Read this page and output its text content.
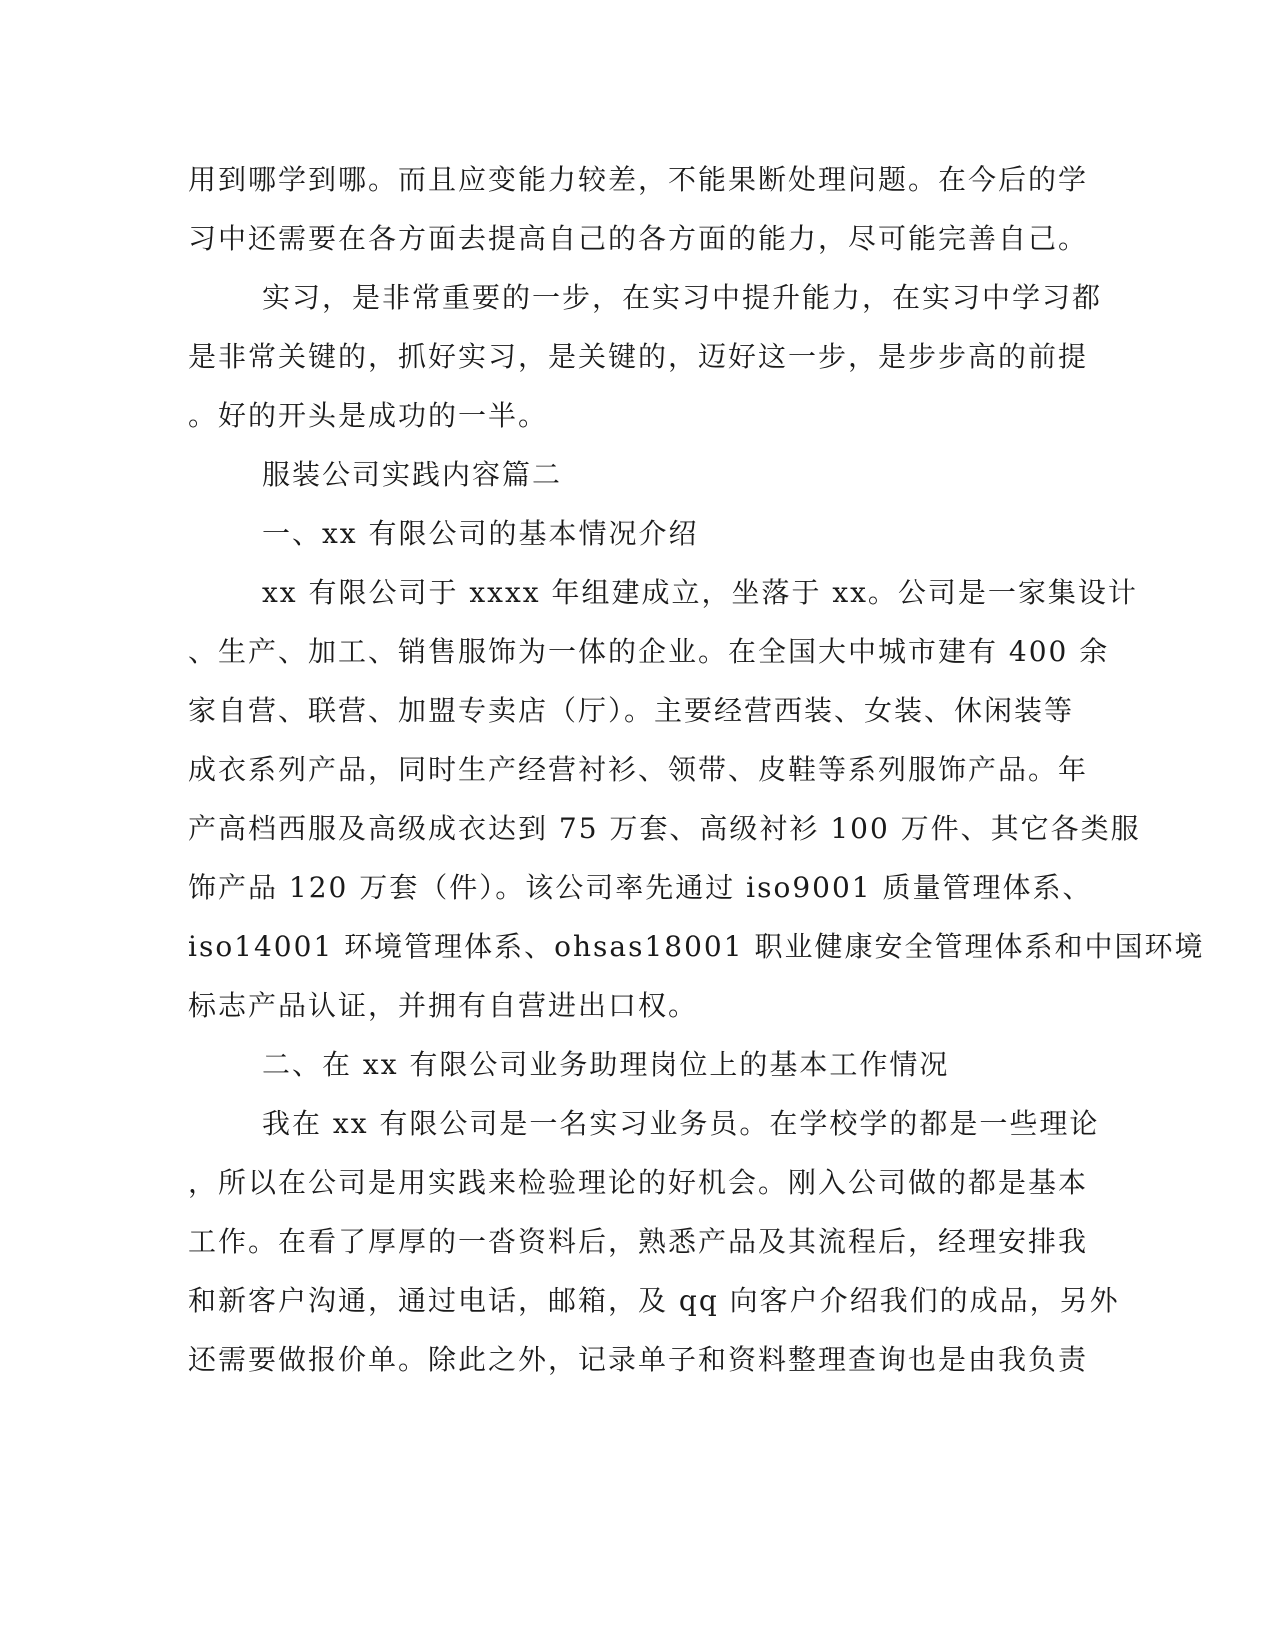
用到哪学到哪。而且应变能力较差，不能果断处理问题。在今后的学
习中还需要在各方面去提高自己的各方面的能力，尽可能完善自己。
实习，是非常重要的一步，在实习中提升能力，在实习中学习都
是非常关键的，抓好实习，是关键的，迈好这一步，是步步高的前提
。好的开头是成功的一半。
服装公司实践内容篇二
一、xx 有限公司的基本情况介绍
xx 有限公司于 xxxx 年组建成立，坐落于 xx。公司是一家集设计
、生产、加工、销售服饰为一体的企业。在全国大中城市建有 400 余
家自营、联营、加盟专卖店（厅）。主要经营西装、女装、休闲装等
成衣系列产品，同时生产经营衬衫、领带、皮鞋等系列服饰产品。年
产高档西服及高级成衣达到 75 万套、高级衬衫 100 万件、其它各类服
饰产品 120 万套（件）。该公司率先通过 iso9001 质量管理体系、
iso14001 环境管理体系、ohsas18001 职业健康安全管理体系和中国环境
标志产品认证，并拥有自营进出口权。
二、在 xx 有限公司业务助理岗位上的基本工作情况
我在 xx 有限公司是一名实习业务员。在学校学的都是一些理论
，所以在公司是用实践来检验理论的好机会。刚入公司做的都是基本
工作。在看了厚厚的一沓资料后，熟悉产品及其流程后，经理安排我
和新客户沟通，通过电话，邮箱，及 qq 向客户介绍我们的成品，另外
还需要做报价单。除此之外，记录单子和资料整理查询也是由我负责
